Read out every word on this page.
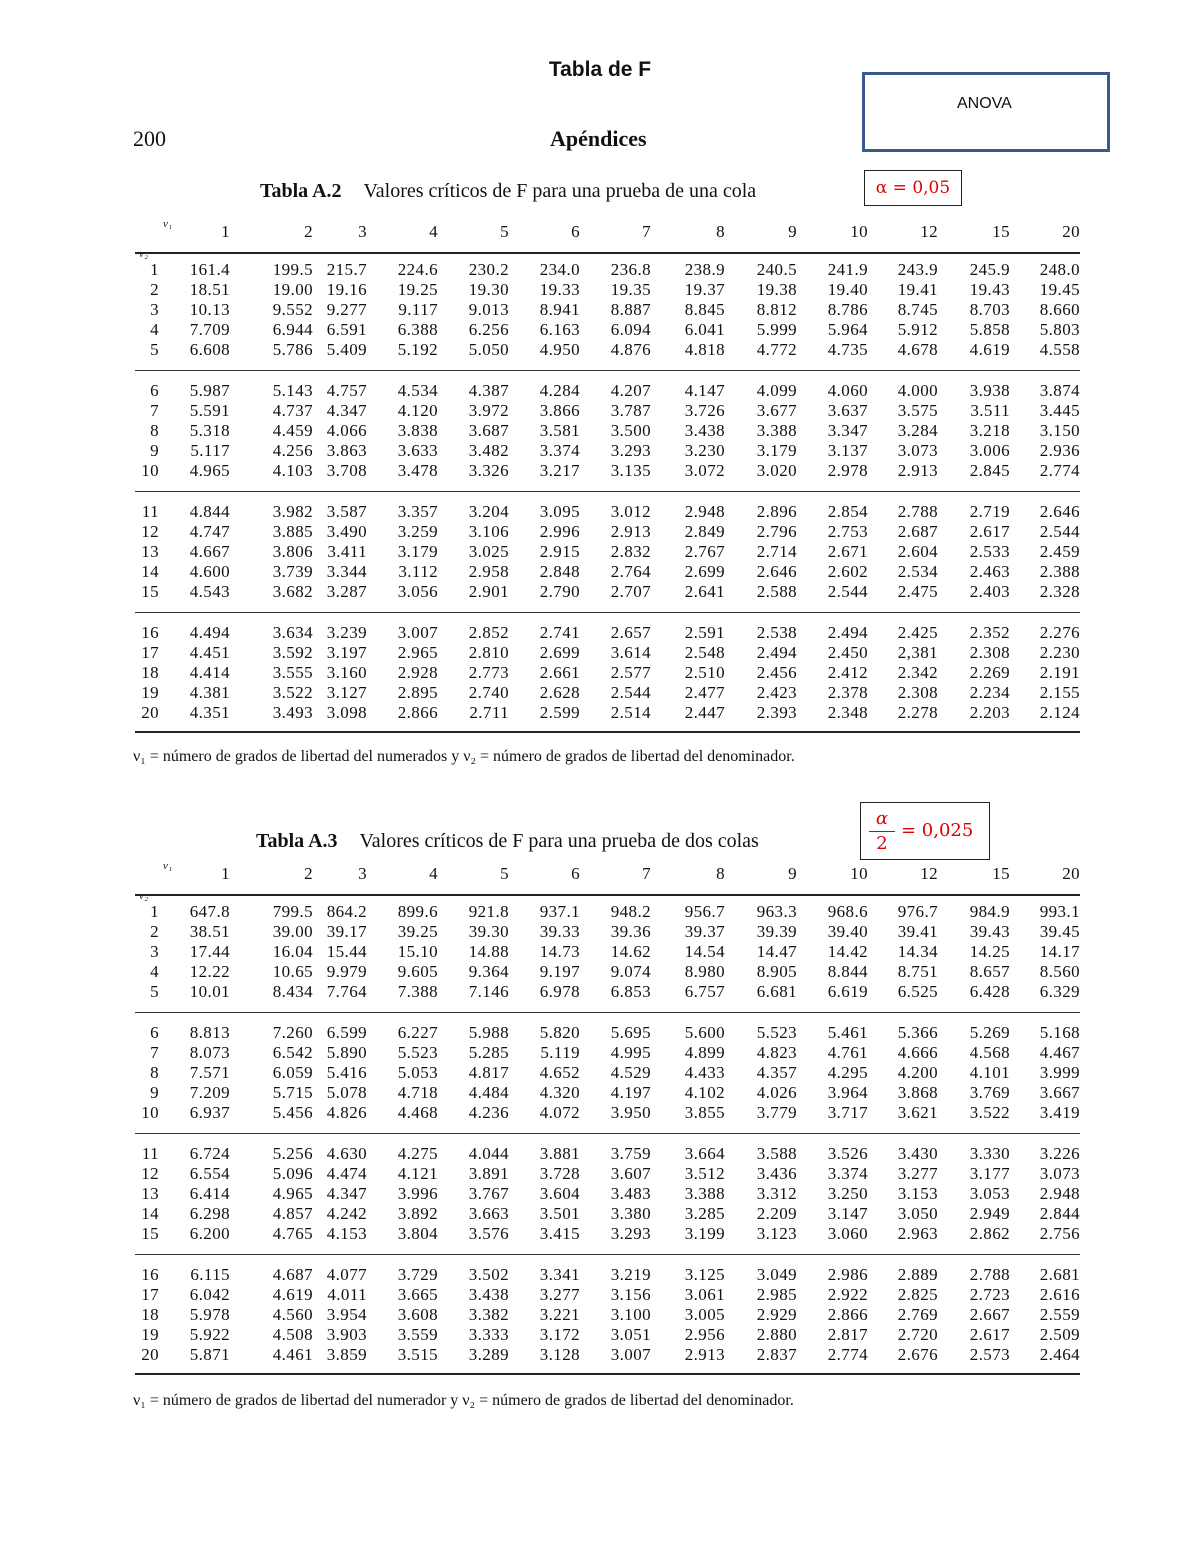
Tabla de F
ANOVA
200	Apéndices
Tabla A.2 Valores críticos de F para una prueba de una cola	α = 0,05
ν₁
ν₂
1	2	3	4	5	6	7	8	9	10	12	15	20
1	161.4	199.5 215.7	224.6	230.2	234.0	236.8	238.9	240.5	241.9	243.9	245.9	248.0
2	18.51	19.00 19.16	19.25	19.30	19.33	19.35	19.37	19.38	19.40	19.41	19.43	19.45
3	10.13	9.552 9.277	9.117	9.013	8.941	8.887	8.845	8.812	8.786	8.745	8.703	8.660
4	7.709	6.944 6.591	6.388	6.256	6.163	6.094	6.041	5.999	5.964	5.912	5.858	5.803
5	6.608	5.786 5.409	5.192	5.050	4.950	4.876	4.818	4.772	4.735	4.678	4.619	4.558
6	5.987	5.143 4.757	4.534	4.387	4.284	4.207	4.147	4.099	4.060	4.000	3.938	3.874
7	5.591	4.737 4.347	4.120	3.972	3.866	3.787	3.726	3.677	3.637	3.575	3.511	3.445
8	5.318	4.459 4.066	3.838	3.687	3.581	3.500	3.438	3.388	3.347	3.284	3.218	3.150
9	5.117	4.256 3.863	3.633	3.482	3.374	3.293	3.230	3.179	3.137	3.073	3.006	2.936
10	4.965	4.103 3.708	3.478	3.326	3.217	3.135	3.072	3.020	2.978	2.913	2.845	2.774
11	4.844	3.982 3.587	3.357	3.204	3.095	3.012	2.948	2.896	2.854	2.788	2.719	2.646
12	4.747	3.885 3.490	3.259	3.106	2.996	2.913	2.849	2.796	2.753	2.687	2.617	2.544
13	4.667	3.806 3.411	3.179	3.025	2.915	2.832	2.767	2.714	2.671	2.604	2.533	2.459
14	4.600	3.739 3.344	3.112	2.958	2.848	2.764	2.699	2.646	2.602	2.534	2.463	2.388
15	4.543	3.682 3.287	3.056	2.901	2.790	2.707	2.641	2.588	2.544	2.475	2.403	2.328
16	4.494	3.634 3.239	3.007	2.852	2.741	2.657	2.591	2.538	2.494	2.425	2.352	2.276
17	4.451	3.592 3.197	2.965	2.810	2.699	3.614	2.548	2.494	2.450	2,381	2.308	2.230
18	4.414	3.555 3.160	2.928	2.773	2.661	2.577	2.510	2.456	2.412	2.342	2.269	2.191
19	4.381	3.522 3.127	2.895	2.740	2.628	2.544	2.477	2.423	2.378	2.308	2.234	2.155
20	4.351	3.493 3.098	2.866	2.711	2.599	2.514	2.447	2.393	2.348	2.278	2.203	2.124
ν₁ = número de grados de libertad del numerados y ν₂ = número de grados de libertad del denominador.
Tabla A.3 Valores críticos de F para una prueba de dos colas
α
2
= 0,025
ν₁
ν₂
1	2	3	4	5	6	7	8	9	10	12	15	20
1	647.8	799.5 864.2	899.6	921.8	937.1	948.2	956.7	963.3	968.6	976.7	984.9	993.1
2	38.51	39.00 39.17	39.25	39.30	39.33	39.36	39.37	39.39	39.40	39.41	39.43	39.45
3	17.44	16.04 15.44	15.10	14.88	14.73	14.62	14.54	14.47	14.42	14.34	14.25	14.17
4	12.22	10.65 9.979	9.605	9.364	9.197	9.074	8.980	8.905	8.844	8.751	8.657	8.560
5	10.01	8.434 7.764	7.388	7.146	6.978	6.853	6.757	6.681	6.619	6.525	6.428	6.329
6	8.813	7.260 6.599	6.227	5.988	5.820	5.695	5.600	5.523	5.461	5.366	5.269	5.168
7	8.073	6.542 5.890	5.523	5.285	5.119	4.995	4.899	4.823	4.761	4.666	4.568	4.467
8	7.571	6.059 5.416	5.053	4.817	4.652	4.529	4.433	4.357	4.295	4.200	4.101	3.999
9	7.209	5.715 5.078	4.718	4.484	4.320	4.197	4.102	4.026	3.964	3.868	3.769	3.667
10	6.937	5.456 4.826	4.468	4.236	4.072	3.950	3.855	3.779	3.717	3.621	3.522	3.419
11	6.724	5.256 4.630	4.275	4.044	3.881	3.759	3.664	3.588	3.526	3.430	3.330	3.226
12	6.554	5.096 4.474	4.121	3.891	3.728	3.607	3.512	3.436	3.374	3.277	3.177	3.073
13	6.414	4.965 4.347	3.996	3.767	3.604	3.483	3.388	3.312	3.250	3.153	3.053	2.948
14	6.298	4.857 4.242	3.892	3.663	3.501	3.380	3.285	2.209	3.147	3.050	2.949	2.844
15	6.200	4.765 4.153	3.804	3.576	3.415	3.293	3.199	3.123	3.060	2.963	2.862	2.756
16	6.115	4.687 4.077	3.729	3.502	3.341	3.219	3.125	3.049	2.986	2.889	2.788	2.681
17	6.042	4.619 4.011	3.665	3.438	3.277	3.156	3.061	2.985	2.922	2.825	2.723	2.616
18	5.978	4.560 3.954	3.608	3.382	3.221	3.100	3.005	2.929	2.866	2.769	2.667	2.559
19	5.922	4.508 3.903	3.559	3.333	3.172	3.051	2.956	2.880	2.817	2.720	2.617	2.509
20	5.871	4.461 3.859	3.515	3.289	3.128	3.007	2.913	2.837	2.774	2.676	2.573	2.464
ν₁ = número de grados de libertad del numerador y ν₂ = número de grados de libertad del denominador.
